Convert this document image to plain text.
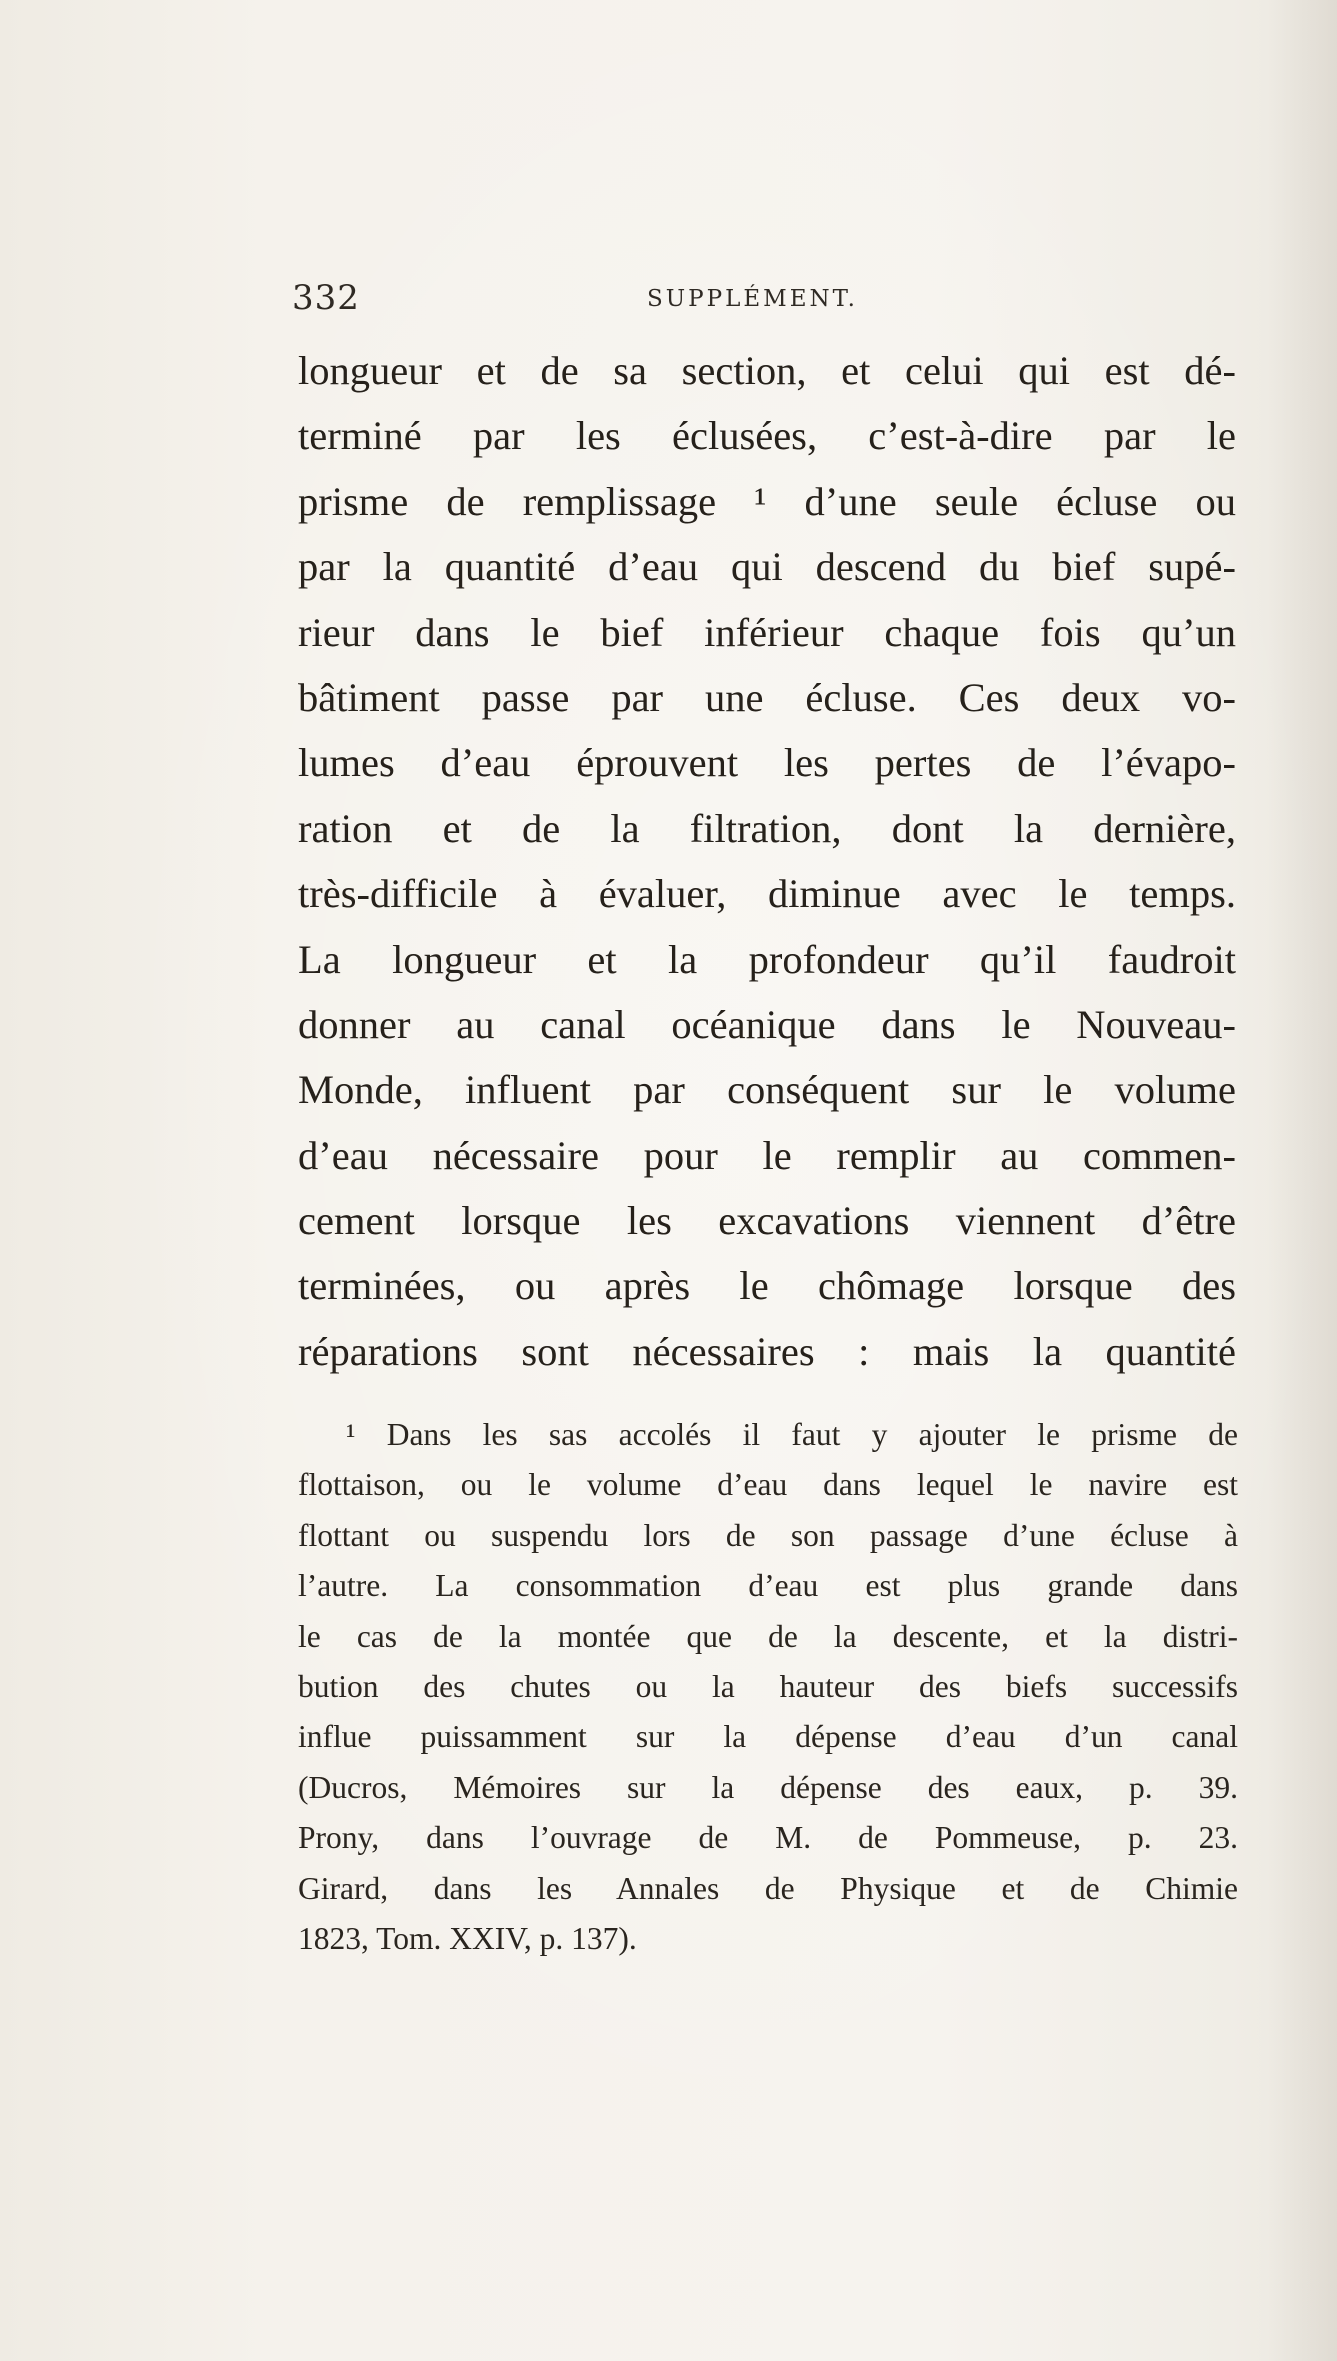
332	SUPPLÉMENT.
longueur et de sa section, et celui qui est dé-
terminé par les éclusées, c’est-à-dire par le
prisme de remplissage ¹ d’une seule écluse ou
par la quantité d’eau qui descend du bief supé-
rieur dans le bief inférieur chaque fois qu’un
bâtiment passe par une écluse. Ces deux vo-
lumes d’eau éprouvent les pertes de l’évapo-
ration et de la filtration, dont la dernière,
très-difficile à évaluer, diminue avec le temps.
La longueur et la profondeur qu’il faudroit
donner au canal océanique dans le Nouveau-
Monde, influent par conséquent sur le volume
d’eau nécessaire pour le remplir au commen-
cement lorsque les excavations viennent d’être
terminées, ou après le chômage lorsque des
réparations sont nécessaires : mais la quantité
¹ Dans les sas accolés il faut y ajouter le prisme de
flottaison, ou le volume d’eau dans lequel le navire est
flottant ou suspendu lors de son passage d’une écluse à
l’autre. La consommation d’eau est plus grande dans
le cas de la montée que de la descente, et la distri-
bution des chutes ou la hauteur des biefs successifs
influe puissamment sur la dépense d’eau d’un canal
(Ducros, Mémoires sur la dépense des eaux, p. 39.
Prony, dans l’ouvrage de M. de Pommeuse, p. 23.
Girard, dans les Annales de Physique et de Chimie
1823, Tom. XXIV, p. 137).
